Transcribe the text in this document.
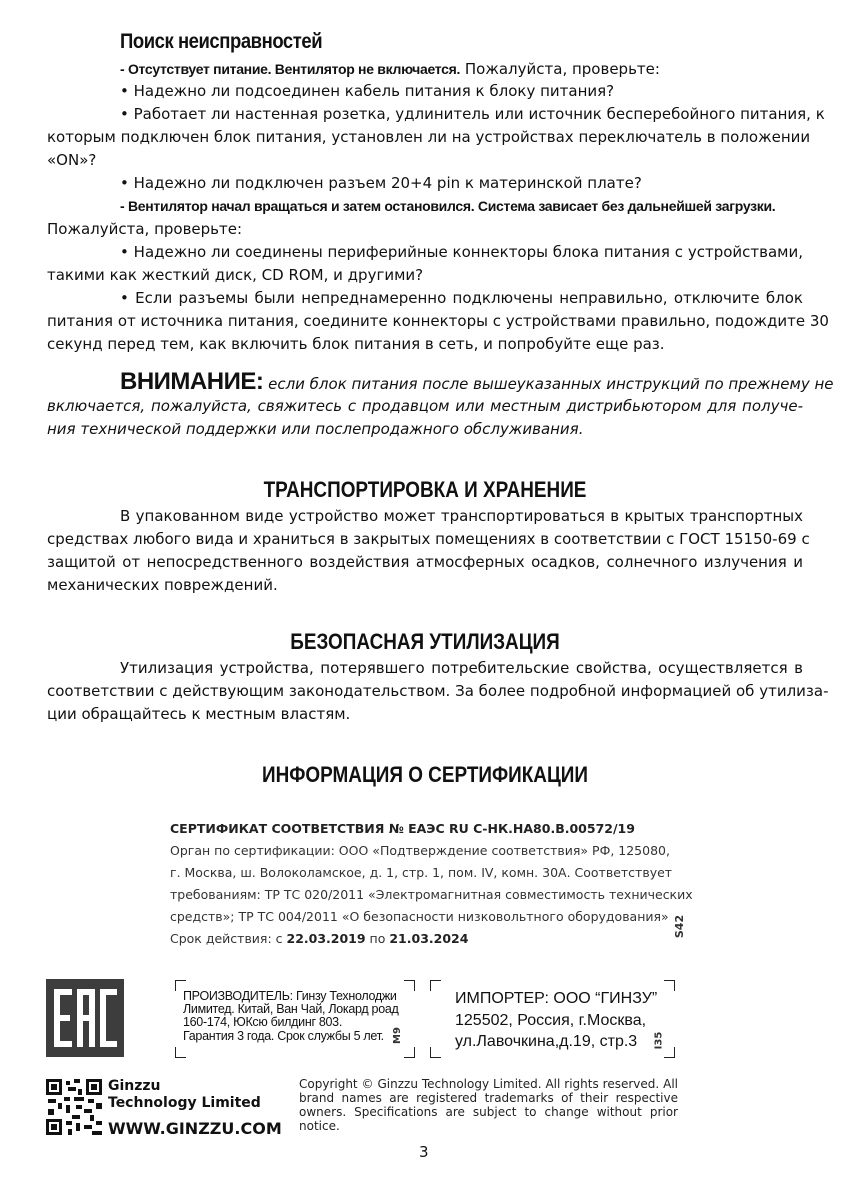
Поиск неисправностей
- Отсутствует питание. Вентилятор не включается. Пожалуйста, проверьте:
• Надежно ли подсоединен кабель питания к блоку питания?
• Работает ли настенная розетка, удлинитель или источник бесперебойного питания, к
которым подключен блок питания, установлен ли на устройствах переключатель в положении
«ON»?
• Надежно ли подключен разъем 20+4 pin к материнской плате?
- Вентилятор начал вращаться и затем остановился. Система зависает без дальнейшей загрузки.
Пожалуйста, проверьте:
• Надежно ли соединены периферийные коннекторы блока питания с устройствами,
такими как жесткий диск, CD ROM, и другими?
• Если разъемы были непреднамеренно подключены неправильно, отключите блок
питания от источника питания, соедините коннекторы с устройствами правильно, подождите 30
секунд перед тем, как включить блок питания в сеть, и попробуйте еще раз.
ВНИМАНИЕ: если блок питания после вышеуказанных инструкций по прежнему не
включается, пожалуйста, свяжитесь с продавцом или местным дистрибьютором для получе-
ния технической поддержки или послепродажного обслуживания.
ТРАНСПОРТИРОВКА И ХРАНЕНИЕ
В упакованном виде устройство может транспортироваться в крытых транспортных
средствах любого вида и храниться в закрытых помещениях в соответствии с ГОСТ 15150-69 с
защитой от непосредственного воздействия атмосферных осадков, солнечного излучения и
механических повреждений.
БЕЗОПАСНАЯ УТИЛИЗАЦИЯ
Утилизация устройства, потерявшего потребительские свойства, осуществляется в
соответствии с действующим законодательством. За более подробной информацией об утилиза-
ции обращайтесь к местным властям.
ИНФОРМАЦИЯ О СЕРТИФИКАЦИИ
СЕРТИФИКАТ СООТВЕТСТВИЯ № ЕАЭС RU С-НК.НА80.В.00572/19
Орган по сертификации: ООО «Подтверждение соответствия» РФ, 125080,
г. Москва, ш. Волоколамское, д. 1, стр. 1, пом. IV, комн. 30А. Соответствует
требованиям: ТР ТС 020/2011 «Электромагнитная совместимость технических
средств»; ТР ТС 004/2011 «О безопасности низковольтного оборудования»
Срок действия: с 22.03.2019 по 21.03.2024
S42
ПРОИЗВОДИТЕЛЬ: Гинзу Технолоджи
Лимитед. Китай, Ван Чай, Локард роад
160-174, ЮКсю билдинг 803.
Гарантия 3 года. Срок службы 5 лет. M9
ИМПОРТЕР: ООО “ГИНЗУ”
125502, Россия, г.Москва,
ул.Лавочкина,д.19, стр.3 I35
Ginzzu
Technology Limited
WWW.GINZZU.COM
Copyright © Ginzzu Technology Limited. All rights reserved. All
brand names are registered trademarks of their respective
owners. Specifications are subject to change without prior
notice.
3
